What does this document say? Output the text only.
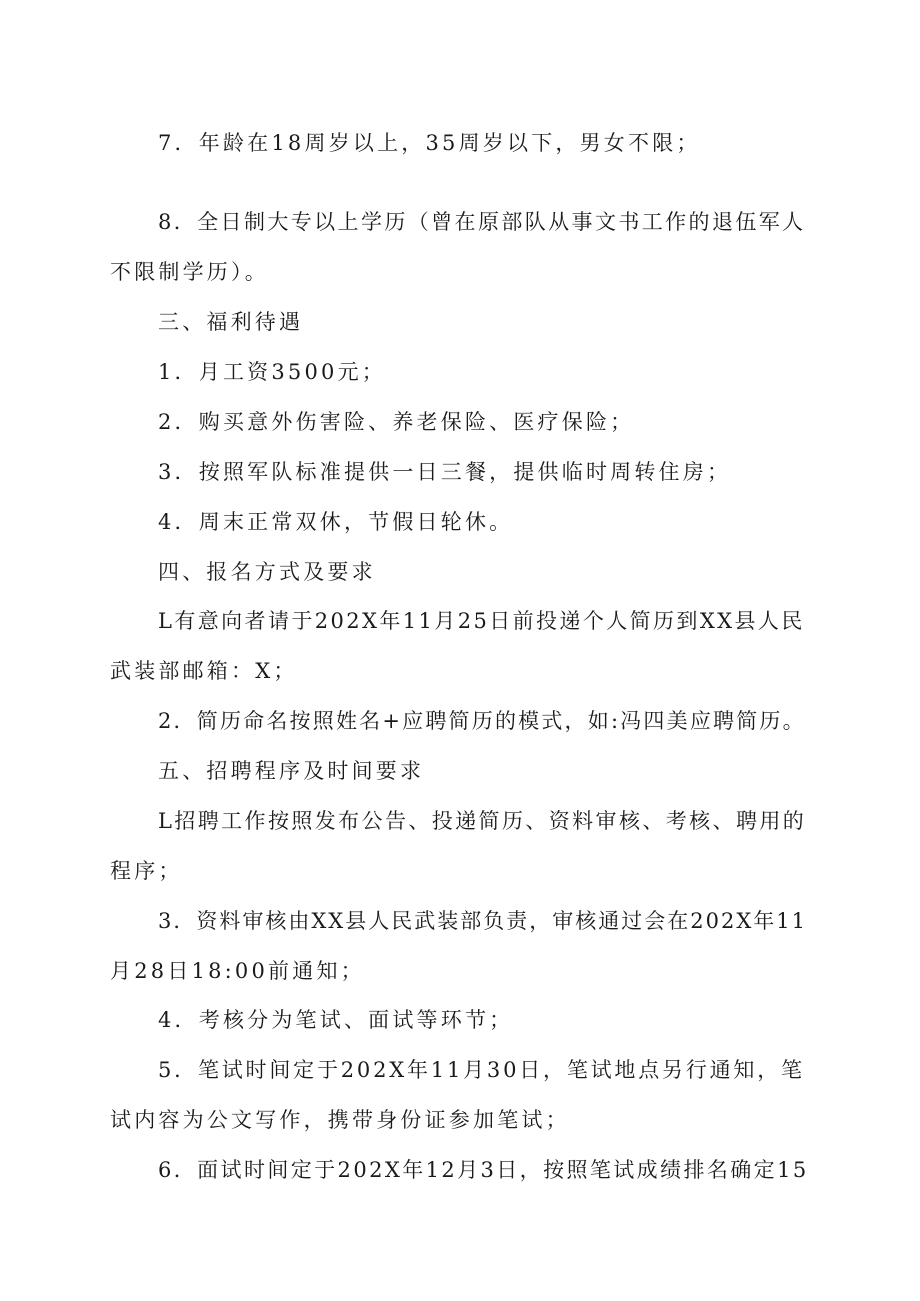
7．年龄在18周岁以上，35周岁以下，男女不限；
8．全日制大专以上学历（曾在原部队从事文书工作的退伍军人
不限制学历）。
三、福利待遇
1．月工资3500元；
2．购买意外伤害险、养老保险、医疗保险；
3．按照军队标准提供一日三餐，提供临时周转住房；
4．周末正常双休，节假日轮休。
四、报名方式及要求
L有意向者请于202X年11月25日前投递个人简历到XX县人民
武装部邮箱：X；
2．简历命名按照姓名+应聘简历的模式，如:冯四美应聘简历。
五、招聘程序及时间要求
L招聘工作按照发布公告、投递简历、资料审核、考核、聘用的
程序；
3．资料审核由XX县人民武装部负责，审核通过会在202X年11
月28日18:00前通知；
4．考核分为笔试、面试等环节；
5．笔试时间定于202X年11月30日，笔试地点另行通知，笔
试内容为公文写作，携带身份证参加笔试；
6．面试时间定于202X年12月3日，按照笔试成绩排名确定15
